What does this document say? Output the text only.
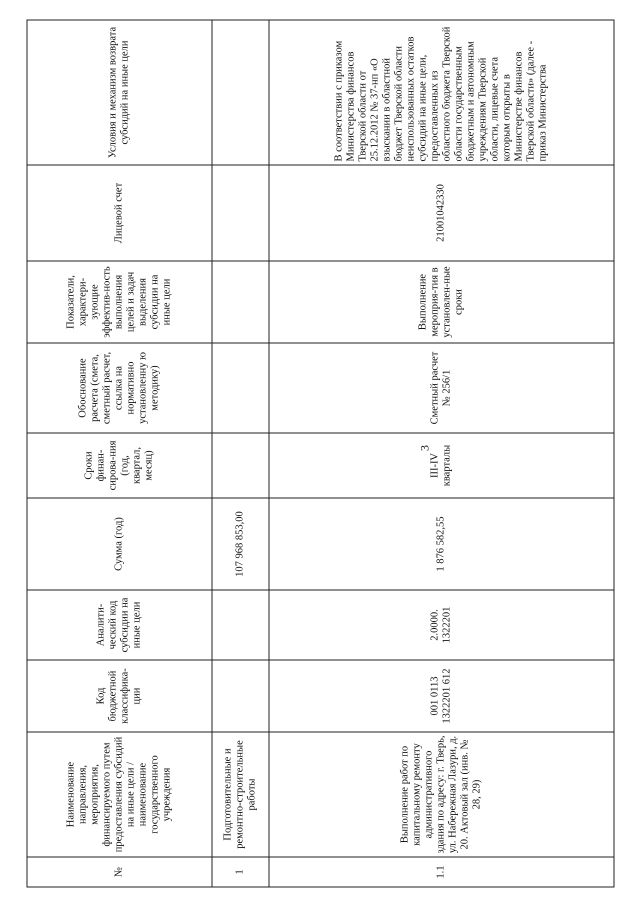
3
№	Наименование направления, мероприятия, финансируемого путем предоставления субсидий на иные цели / наименование государственного учреждения	Код бюджетной классифика-ции	Аналити-ческий код субсидии на иные цели	Сумма (год)	Сроки финан-сирова-ния (год, квартал, месяц)	Обоснование расчета (смета, сметный расчет, ссылка на нормативно установленну ю методику)	Показатели, характери-зующие эффектив-ность выполнения целей и задач выделения субсидии на иные цели	Лицевой счет	Условия и механизм возврата субсидий на иные цели
1	Подготовительные и ремонтно-строительные работы			107 968 853,00					
1.1	Выполнение работ по капитальному ремонту административного здания по адресу: г. Тверь, ул. Набережная Лазури, д. 20. Актовый зал (инв. № 28, 29)	001 0113 1322201 612	2.0000. 1322201	1 876 582,55	III-IV кварталы	Сметный расчет № 256/1	Выполнение мероприя-тия в установлен-ные сроки	21001042330	В соответствии с приказом Министерства финансов Тверской области от 25.12.2012 № 37-нп «О взыскании в областной бюджет Тверской области неиспользованных остатков субсидий на иные цели, предоставленных из областного бюджета Тверской области государственным бюджетным и автономным учреждениям Тверской области, лицевые счета которым открыты в Министерстве финансов Тверской области» (далее - приказ Министерства
